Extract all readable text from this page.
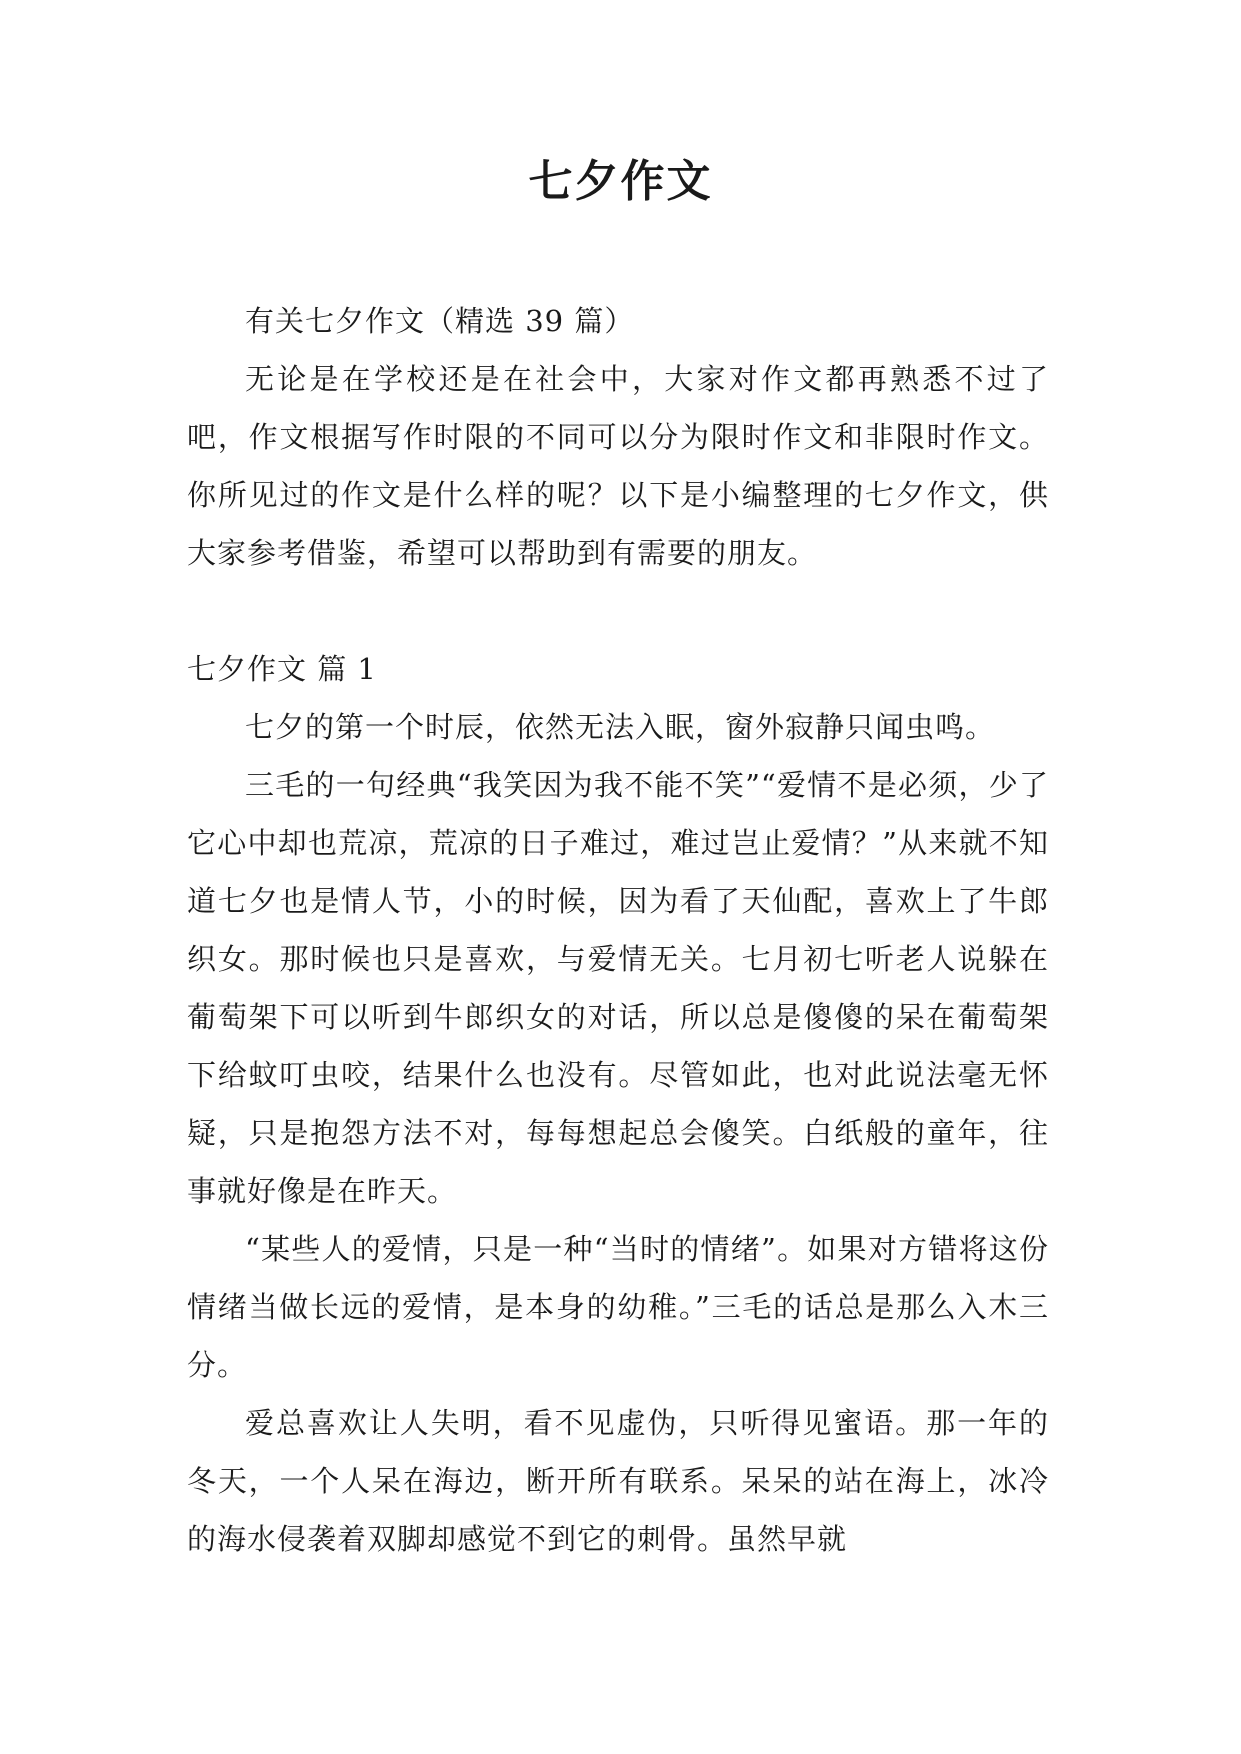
七夕作文

有关七夕作文（精选 39 篇）

无论是在学校还是在社会中，大家对作文都再熟悉不过了吧，作文根据写作时限的不同可以分为限时作文和非限时作文。你所见过的作文是什么样的呢？以下是小编整理的七夕作文，供大家参考借鉴，希望可以帮助到有需要的朋友。

七夕作文 篇 1

七夕的第一个时辰，依然无法入眠，窗外寂静只闻虫鸣。

三毛的一句经典“我笑因为我不能不笑”“爱情不是必须，少了它心中却也荒凉，荒凉的日子难过，难过岂止爱情？”从来就不知道七夕也是情人节，小的时候，因为看了天仙配，喜欢上了牛郎织女。那时候也只是喜欢，与爱情无关。七月初七听老人说躲在葡萄架下可以听到牛郎织女的对话，所以总是傻傻的呆在葡萄架下给蚊叮虫咬，结果什么也没有。尽管如此，也对此说法毫无怀疑，只是抱怨方法不对，每每想起总会傻笑。白纸般的童年，往事就好像是在昨天。

“某些人的爱情，只是一种“当时的情绪”。如果对方错将这份情绪当做长远的爱情，是本身的幼稚。”三毛的话总是那么入木三分。

爱总喜欢让人失明，看不见虚伪，只听得见蜜语。那一年的冬天，一个人呆在海边，断开所有联系。呆呆的站在海上，冰冷的海水侵袭着双脚却感觉不到它的刺骨。虽然早就
